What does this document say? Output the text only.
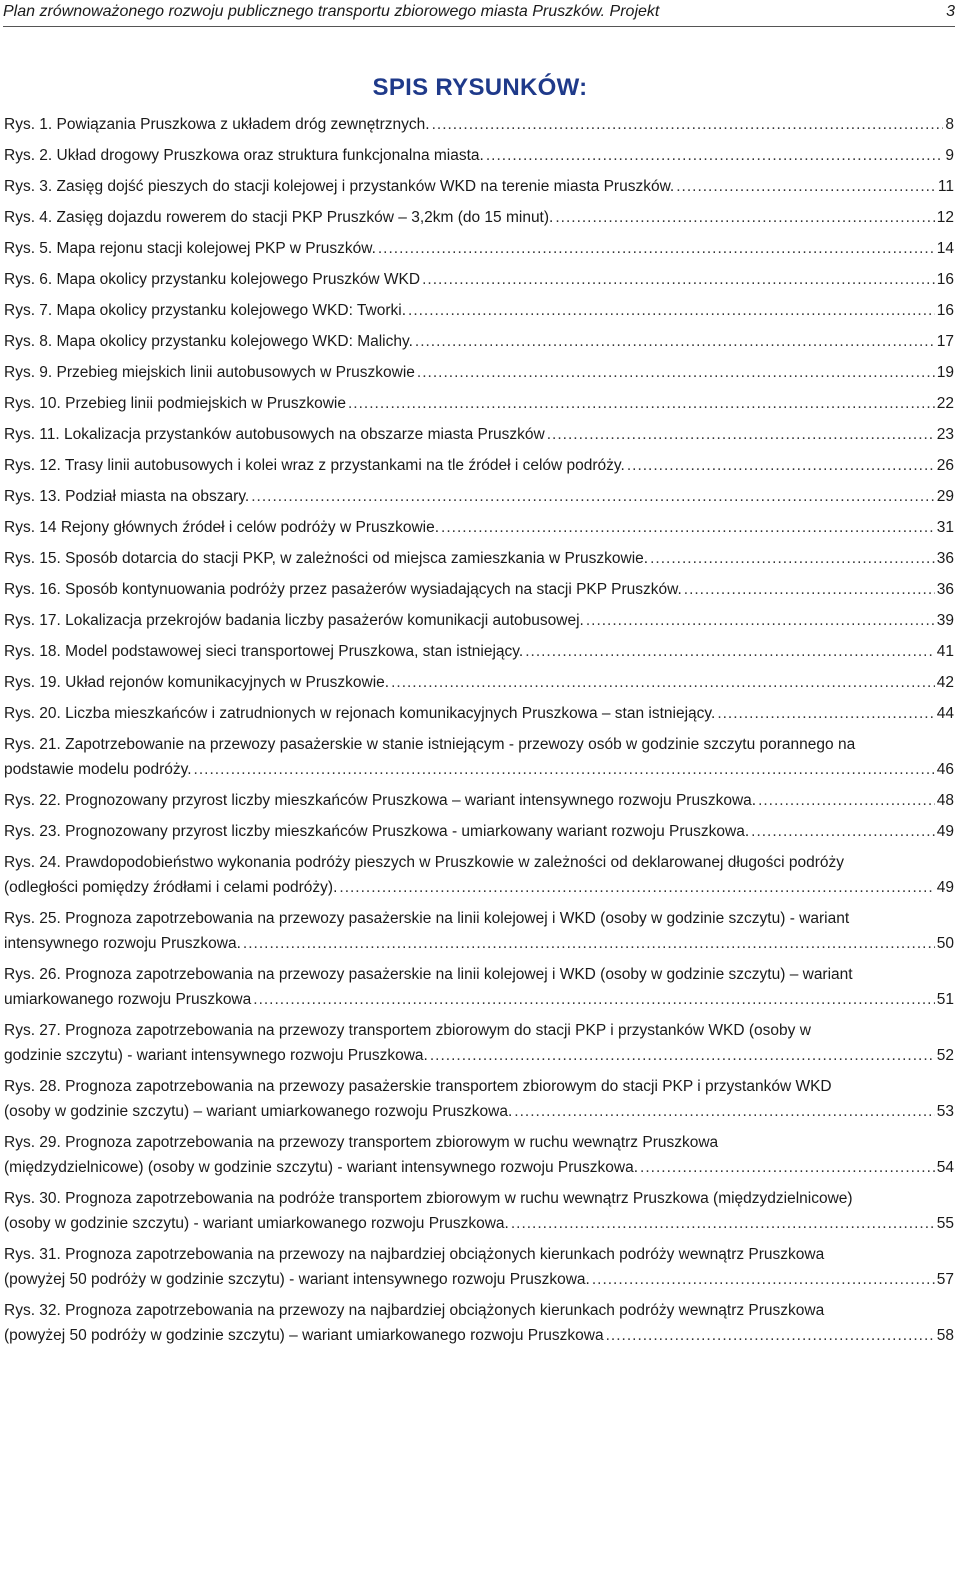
Plan zrównoważonego rozwoju publicznego transportu zbiorowego miasta Pruszków. Projekt	3
SPIS RYSUNKÓW:
Rys. 1. Powiązania Pruszkowa z układem dróg zewnętrznych. .....	8
Rys. 2. Układ drogowy Pruszkowa oraz struktura funkcjonalna miasta. .....	9
Rys. 3. Zasięg dojść pieszych do stacji kolejowej i przystanków WKD na terenie miasta Pruszków. .....	11
Rys. 4. Zasięg dojazdu rowerem do stacji PKP Pruszków – 3,2km (do 15 minut). .....	12
Rys. 5. Mapa rejonu stacji kolejowej PKP w Pruszków. .....	14
Rys. 6. Mapa okolicy przystanku kolejowego Pruszków WKD .....	16
Rys. 7. Mapa okolicy przystanku kolejowego WKD: Tworki. .....	16
Rys. 8. Mapa okolicy przystanku kolejowego WKD: Malichy. .....	17
Rys. 9. Przebieg miejskich linii autobusowych w Pruszkowie .....	19
Rys. 10. Przebieg linii podmiejskich w Pruszkowie .....	22
Rys. 11. Lokalizacja przystanków autobusowych na obszarze miasta Pruszków .....	23
Rys. 12. Trasy linii autobusowych i kolei wraz z przystankami na tle źródeł i celów podróży. .....	26
Rys. 13. Podział miasta na obszary. .....	29
Rys. 14 Rejony głównych źródeł i celów podróży w Pruszkowie. .....	31
Rys. 15. Sposób dotarcia do stacji PKP, w zależności od miejsca zamieszkania w Pruszkowie. .....	36
Rys. 16. Sposób kontynuowania podróży przez pasażerów wysiadających na stacji PKP Pruszków. .....	36
Rys. 17. Lokalizacja przekrojów badania liczby pasażerów komunikacji autobusowej. .....	39
Rys. 18. Model podstawowej sieci transportowej Pruszkowa, stan istniejący. .....	41
Rys. 19. Układ rejonów komunikacyjnych w Pruszkowie. .....	42
Rys. 20. Liczba mieszkańców i zatrudnionych w rejonach komunikacyjnych Pruszkowa – stan istniejący. .....	44
Rys. 21. Zapotrzebowanie na przewozy pasażerskie w stanie istniejącym - przewozy osób w godzinie szczytu porannego na
podstawie modelu podróży. .....	46
Rys. 22. Prognozowany przyrost liczby mieszkańców Pruszkowa – wariant intensywnego rozwoju Pruszkowa. .....	48
Rys. 23. Prognozowany przyrost liczby mieszkańców Pruszkowa - umiarkowany wariant rozwoju Pruszkowa. .....	49
Rys. 24. Prawdopodobieństwo wykonania podróży pieszych w Pruszkowie w zależności od deklarowanej długości podróży
(odległości pomiędzy źródłami i celami podróży). .....	49
Rys. 25. Prognoza zapotrzebowania na przewozy pasażerskie na linii kolejowej i WKD (osoby w godzinie szczytu) - wariant
intensywnego rozwoju Pruszkowa. .....	50
Rys. 26. Prognoza zapotrzebowania na przewozy pasażerskie na linii kolejowej i WKD (osoby w godzinie szczytu) – wariant
umiarkowanego rozwoju Pruszkowa .....	51
Rys. 27. Prognoza zapotrzebowania na przewozy transportem zbiorowym do stacji PKP i przystanków WKD (osoby w
godzinie szczytu) - wariant intensywnego rozwoju Pruszkowa. .....	52
Rys. 28. Prognoza zapotrzebowania na przewozy pasażerskie transportem zbiorowym do stacji PKP i przystanków WKD
(osoby w godzinie szczytu) – wariant umiarkowanego rozwoju Pruszkowa. .....	53
Rys. 29. Prognoza zapotrzebowania na przewozy transportem zbiorowym w ruchu wewnątrz Pruszkowa
(międzydzielnicowe) (osoby w godzinie szczytu) - wariant intensywnego rozwoju Pruszkowa. .....	54
Rys. 30. Prognoza zapotrzebowania na podróże transportem zbiorowym w ruchu wewnątrz Pruszkowa (międzydzielnicowe)
(osoby w godzinie szczytu) - wariant umiarkowanego rozwoju Pruszkowa. .....	55
Rys. 31. Prognoza zapotrzebowania na przewozy na najbardziej obciążonych kierunkach podróży wewnątrz Pruszkowa
(powyżej 50 podróży w godzinie szczytu) - wariant intensywnego rozwoju Pruszkowa. .....	57
Rys. 32. Prognoza zapotrzebowania na przewozy na najbardziej obciążonych kierunkach podróży wewnątrz Pruszkowa
(powyżej 50 podróży w godzinie szczytu) – wariant umiarkowanego rozwoju Pruszkowa .....	58
